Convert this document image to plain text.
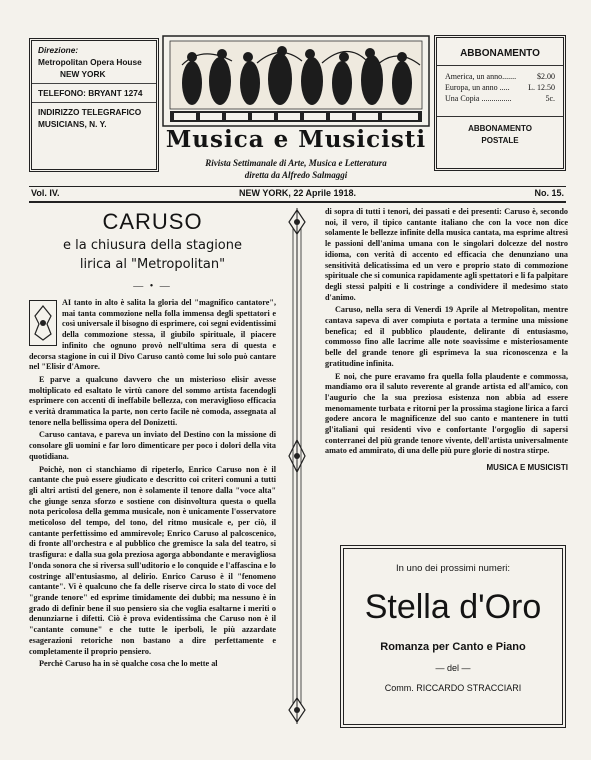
Direzione:
Metropolitan Opera House
NEW YORK
TELEFONO: BRYANT 1274
INDIRIZZO TELEGRAFICO
MUSICIANS, N. Y.
Musica e Musicisti
Rivista Settimanale di Arte, Musica e Letteratura
diretta da Alfredo Salmaggi
ABBONAMENTO
America, un anno.......	$2.00
Europa, un anno ..... L. 12.50
Una Copia ...............	5c.
ABBONAMENTO
POSTALE
Vol. IV.	NEW YORK, 22 Aprile 1918.	No. 15.
CARUSO
e la chiusura della stagione
lirica al "Metropolitan"
— • —

AI tanto in alto è salita la gloria del "magnifico cantatore", mai tanta commozione nella folla immensa degli spettatori e così universale il bisogno di esprimere, coi segni evidentissimi della commozione stessa, il giubilo spirituale, il piacere infinito che ognuno provò nell'ultima sera di questa e decorsa stagione in cui il Divo Caruso cantò come lui solo può cantare nel "Elisir d'Amore.

E parve a qualcuno davvero che un misterioso elisir avesse moltiplicato ed esaltato le virtù canore del sommo artista facendogli esprimere con accenti di ineffabile bellezza, con meraviglioso efficacia e verità drammatica la parte, non certo facile nè comoda, assegnata al tenore nella bellissima opera del Donizetti.

Caruso cantava, e pareva un inviato del Destino con la missione di consolare gli uomini e far loro dimenticare per poco i dolori della vita quotidiana.

Poichè, non ci stanchiamo di ripeterlo, Enrico Caruso non è il cantante che può essere giudicato e descritto coi criteri comuni a tutti gli altri artisti del genere, non è solamente il tenore dalla "voce alta" che giunge senza sforzo e sostiene con disinvoltura questa o quella nota pericolosa della gemma musicale, non è unicamente l'osservatore meticoloso del tempo, del tono, del ritmo musicale e, per ciò, il cantante perfettissimo ed ammirevole; Enrico Caruso al palcoscenico, di fronte all'orchestra e al pubblico che gremisce la sala del teatro, si trasfigura: e dalla sua gola preziosa agorga abbondante e meravigliosa l'onda sonora che si riversa sull'uditorio e lo conquide e l'affascina e lo costringe all'entusiasmo, al delirio. Enrico Caruso è il "fenomeno cantante". Vi è qualcuno che fa delle riserve circa lo stato di voce del "grande tenore" ed esprime timidamente dei dubbi; ma nessuno è in grado di definir bene il suo pensiero sia che voglia esaltarne i meriti o denunziarne i difetti. Ciò è prova evidentissima che Caruso non è il "cantante comune" e che tutte le iperboli, le più azzardate esagerazioni retoriche non bastano a dire perfettamente e completamente il proprio pensiero.

Perchè Caruso ha in sè qualche cosa che lo mette al

di sopra di tutti i tenori, dei passati e dei presenti: Caruso è, secondo noi, il vero, il tipico cantante italiano che con la voce non dice solamente le bellezze infinite della musica cantata, ma esprime altresì le passioni dell'anima umana con le singolari dolcezze del nostro idioma, con verità di accento ed efficacia che denunziano una sensitività delicatissima ed un vero e proprio stato di commozione spirituale che si comunica rapidamente agli spettatori e li fa palpitare degli stessi palpiti e li costringe a condividere il medesimo stato d'animo.

Caruso, nella sera di Venerdì 19 Aprile al Metropolitan, mentre cantava sapeva di aver compiuta e portata a termine una missione benefica; ed il pubblico plaudente, delirante di entusiasmo, commosso fino alle lacrime alle note soavissime e misteriosamente belle del grande tenore gli esprimeva la sua riconoscenza e la gratitudine infinita.

E noi, che pure eravamo fra quella folla plaudente e commossa, mandiamo ora il saluto reverente al grande artista ed all'amico, con l'augurio che la sua preziosa esistenza non abbia ad essere menomamente turbata e ritorni per la prossima stagione lirica a farci godere ancora le magnificenze del suo canto e mantenere in tutti gl'italiani qui residenti vivo e confortante l'orgoglio di sapersi conterranei del più grande tenore vivente, dell'artista universalmente amato ed ammirato, di una delle più pure glorie di nostra stirpe.

MUSICA E MUSICISTI
In uno dei prossimi numeri:
Stella d'Oro
Romanza per Canto e Piano
— del —
Comm. RICCARDO STRACCIARI
